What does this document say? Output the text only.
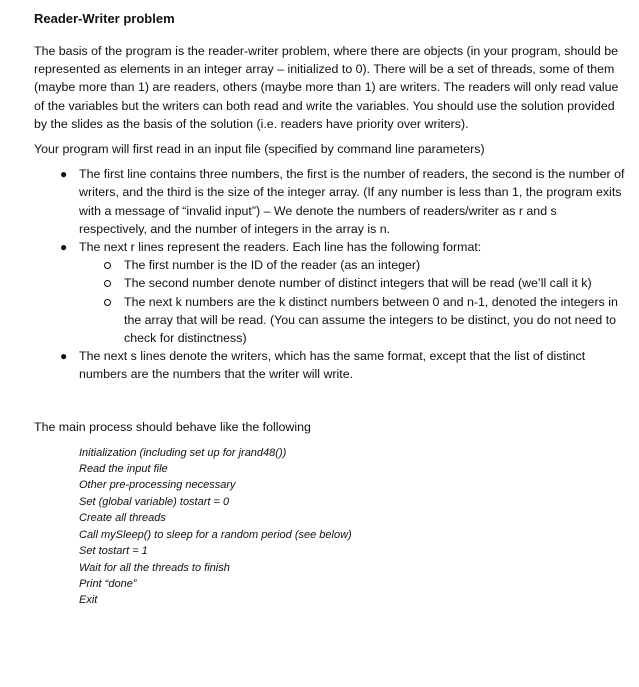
Reader-Writer problem

The basis of the program is the reader-writer problem, where there are objects (in your program, should be represented as elements in an integer array – initialized to 0). There will be a set of threads, some of them (maybe more than 1) are readers, others (maybe more than 1) are writers. The readers will only read value of the variables but the writers can both read and write the variables. You should use the solution provided by the slides as the basis of the solution (i.e. readers have priority over writers).

Your program will first read in an input file (specified by command line parameters)

● The first line contains three numbers, the first is the number of readers, the second is the number of writers, and the third is the size of the integer array. (If any number is less than 1, the program exits with a message of “invalid input”) – We denote the numbers of readers/writer as r and s respectively, and the number of integers in the array is n.
● The next r lines represent the readers. Each line has the following format:
The first number is the ID of the reader (as an integer)
The second number denote number of distinct integers that will be read (we’ll call it k)
The next k numbers are the k distinct numbers between 0 and n-1, denoted the integers in the array that will be read. (You can assume the integers to be distinct, you do not need to check for distinctness)
● The next s lines denote the writers, which has the same format, except that the list of distinct numbers are the numbers that the writer will write.
The main process should behave like the following
Initialization (including set up for jrand48())
Read the input file
Other pre-processing necessary
Set (global variable) tostart = 0
Create all threads
Call mySleep() to sleep for a random period (see below)
Set tostart = 1
Wait for all the threads to finish
Print “done”
Exit
